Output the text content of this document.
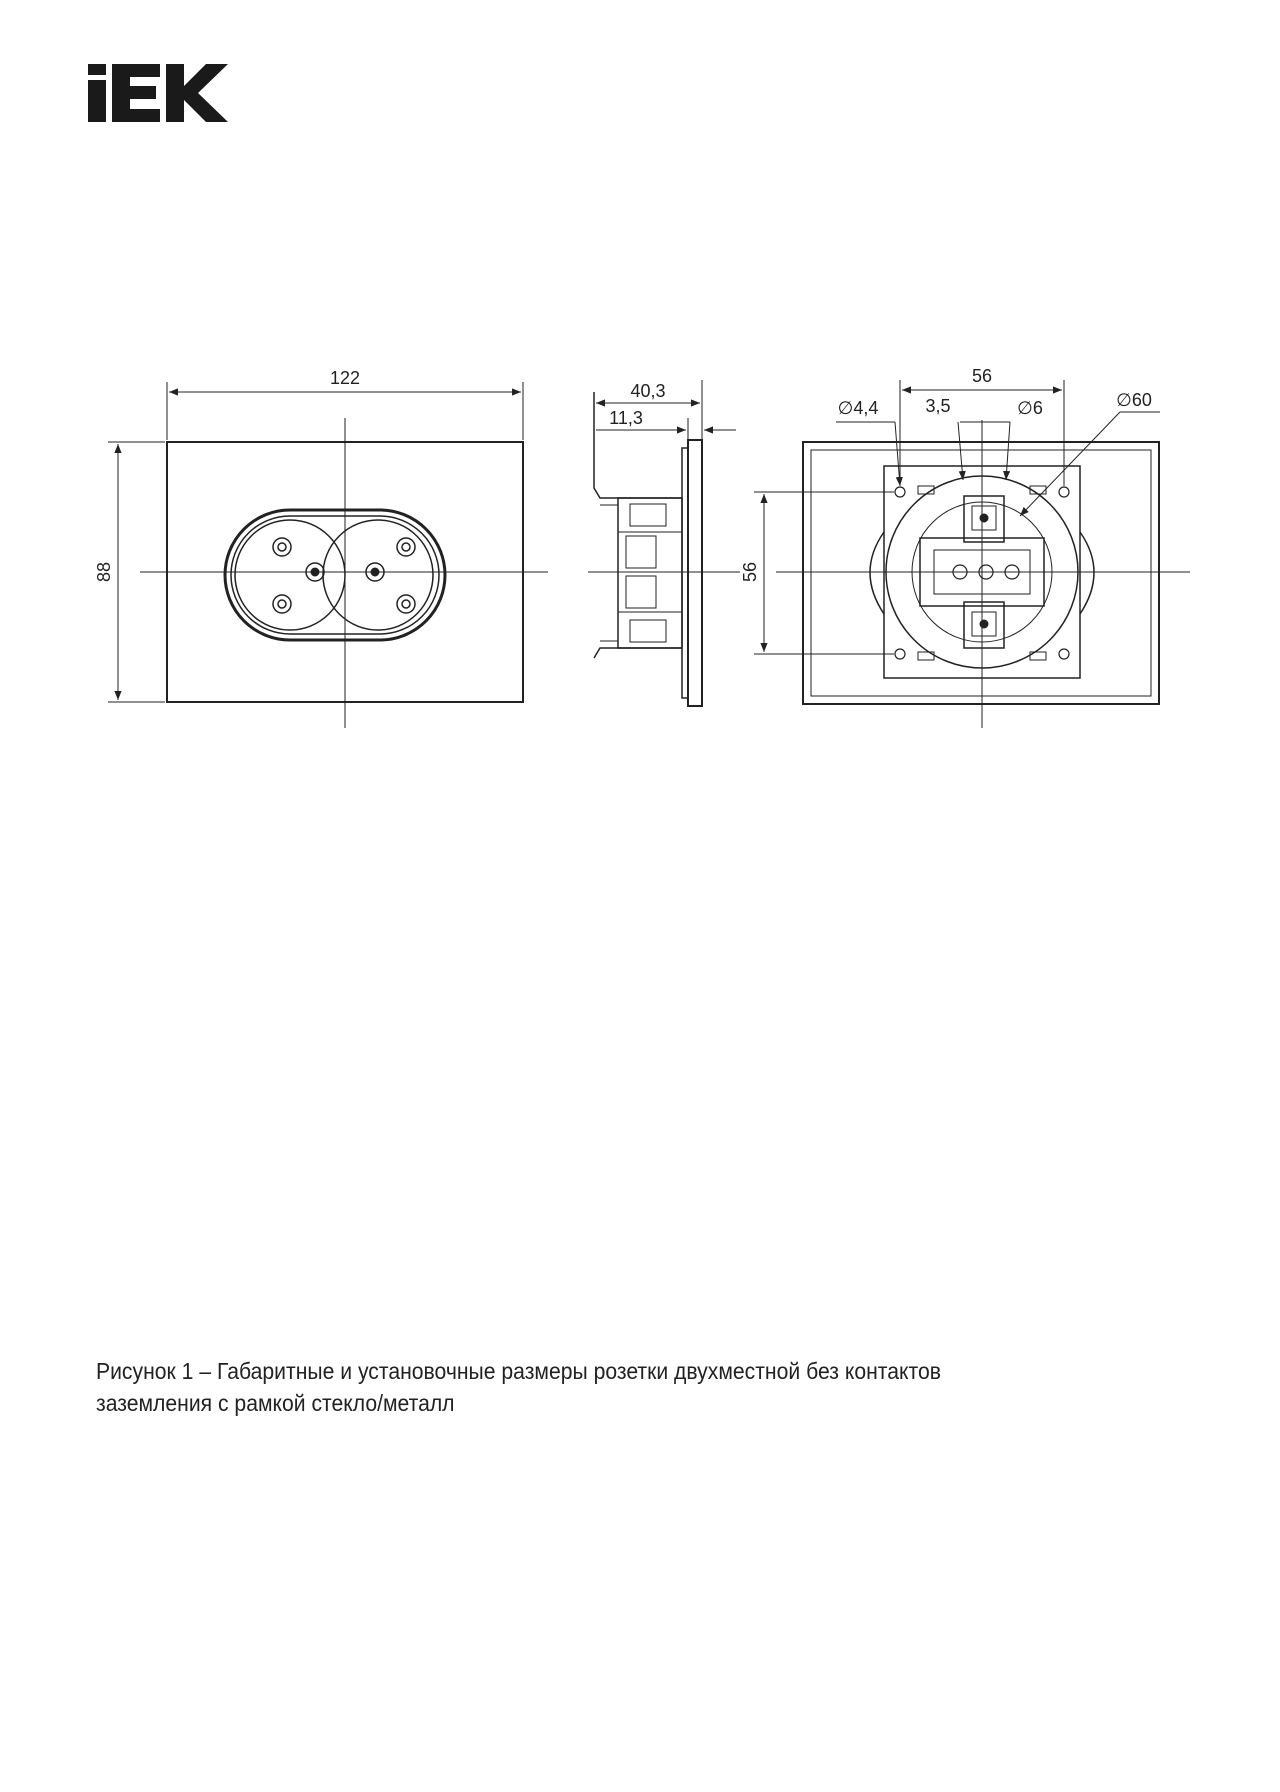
122
88
40,3
11,3
56
56
∅4,4	3,5	∅6	∅60
Рисунок 1 – Габаритные и установочные размеры розетки двухместной без контактов
заземления с рамкой стекло/металл
